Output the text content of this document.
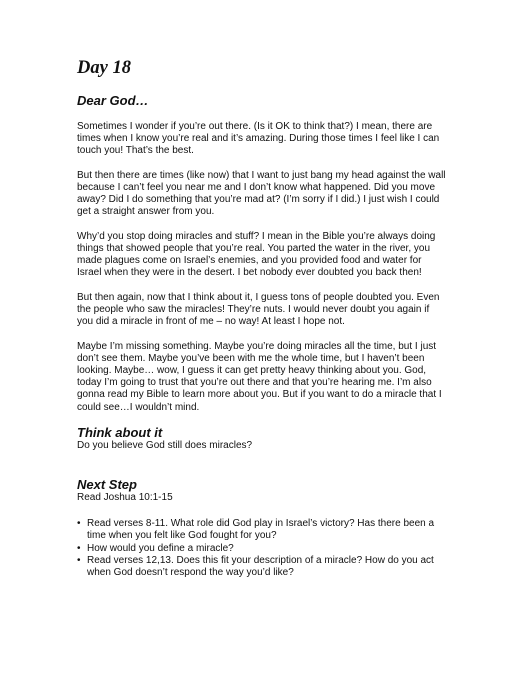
Day 18
Dear God…

Sometimes I wonder if you’re out there. (Is it OK to think that?) I mean, there are times when I know you’re real and it’s amazing. During those times I feel like I can touch you! That’s the best.

But then there are times (like now) that I want to just bang my head against the wall because I can’t feel you near me and I don’t know what happened. Did you move away? Did I do something that you’re mad at? (I’m sorry if I did.) I just wish I could get a straight answer from you.

Why’d you stop doing miracles and stuff? I mean in the Bible you’re always doing things that showed people that you’re real. You parted the water in the river, you made plagues come on Israel’s enemies, and you provided food and water for Israel when they were in the desert. I bet nobody ever doubted you back then!

But then again, now that I think about it, I guess tons of people doubted you. Even the people who saw the miracles! They’re nuts. I would never doubt you again if you did a miracle in front of me – no way! At least I hope not.

Maybe I’m missing something. Maybe you’re doing miracles all the time, but I just don’t see them. Maybe you’ve been with me the whole time, but I haven’t been looking. Maybe… wow, I guess it can get pretty heavy thinking about you. God, today I’m going to trust that you’re out there and that you’re hearing me. I’m also gonna read my Bible to learn more about you. But if you want to do a miracle that I could see…I wouldn’t mind.

Think about it

Do you believe God still does miracles?

Next Step

Read Joshua 10:1-15

• Read verses 8-11. What role did God play in Israel’s victory? Has there been a time when you felt like God fought for you?
• How would you define a miracle?
• Read verses 12,13. Does this fit your description of a miracle? How do you act when God doesn’t respond the way you’d like?
